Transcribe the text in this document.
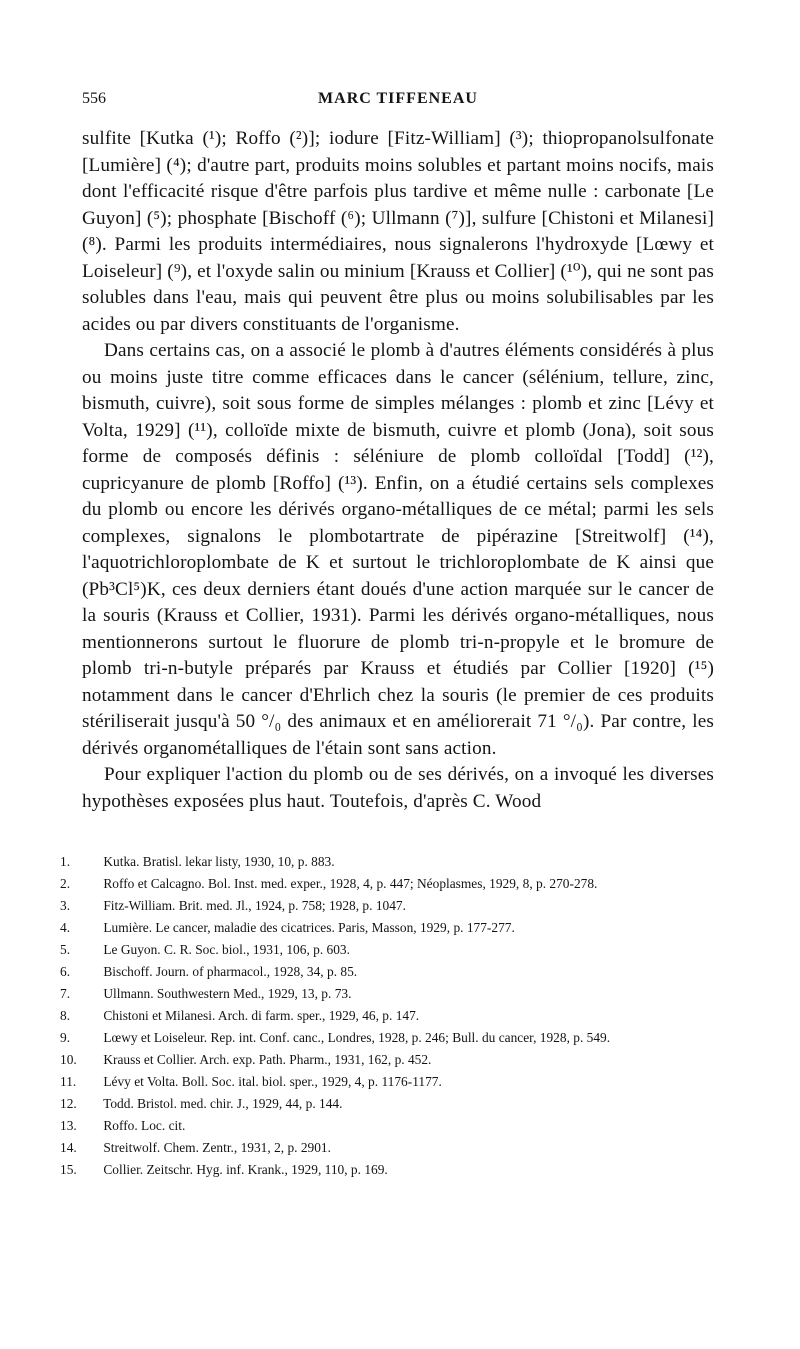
556	MARC TIFFENEAU

sulfite [Kutka (¹); Roffo (²)]; iodure [Fitz-William] (³); thiopropanolsulfonate [Lumière] (⁴); d'autre part, produits moins solubles et partant moins nocifs, mais dont l'efficacité risque d'être parfois plus tardive et même nulle : carbonate [Le Guyon] (⁵); phosphate [Bischoff (⁶); Ullmann (⁷)], sulfure [Chistoni et Milanesi] (⁸). Parmi les produits intermédiaires, nous signalerons l'hydroxyde [Lœwy et Loiseleur] (⁹), et l'oxyde salin ou minium [Krauss et Collier] (¹⁰), qui ne sont pas solubles dans l'eau, mais qui peuvent être plus ou moins solubilisables par les acides ou par divers constituants de l'organisme.

Dans certains cas, on a associé le plomb à d'autres éléments considérés à plus ou moins juste titre comme efficaces dans le cancer (sélénium, tellure, zinc, bismuth, cuivre), soit sous forme de simples mélanges : plomb et zinc [Lévy et Volta, 1929] (¹¹), colloïde mixte de bismuth, cuivre et plomb (Jona), soit sous forme de composés définis : séléniure de plomb colloïdal [Todd] (¹²), cupricyanure de plomb [Roffo] (¹³). Enfin, on a étudié certains sels complexes du plomb ou encore les dérivés organo-métalliques de ce métal; parmi les sels complexes, signalons le plombotartrate de pipérazine [Streitwolf] (¹⁴), l'aquotrichloroplombate de K et surtout le trichloroplombate de K ainsi que (Pb³Cl⁵)K, ces deux derniers étant doués d'une action marquée sur le cancer de la souris (Krauss et Collier, 1931). Parmi les dérivés organo-métalliques, nous mentionnerons surtout le fluorure de plomb tri-n-propyle et le bromure de plomb tri-n-butyle préparés par Krauss et étudiés par Collier [1920] (¹⁵) notamment dans le cancer d'Ehrlich chez la souris (le premier de ces produits stériliserait jusqu'à 50 °/₀ des animaux et en améliorerait 71 °/₀). Par contre, les dérivés organométalliques de l'étain sont sans action.

Pour expliquer l'action du plomb ou de ses dérivés, on a invoqué les diverses hypothèses exposées plus haut. Toutefois, d'après C. Wood

1. Kutka. Bratisl. lekar listy, 1930, 10, p. 883.
2. Roffo et Calcagno. Bol. Inst. med. exper., 1928, 4, p. 447; Néoplasmes, 1929, 8, p. 270-278.
3. Fitz-William. Brit. med. Jl., 1924, p. 758; 1928, p. 1047.
4. Lumière. Le cancer, maladie des cicatrices. Paris, Masson, 1929, p. 177-277.
5. Le Guyon. C. R. Soc. biol., 1931, 106, p. 603.
6. Bischoff. Journ. of pharmacol., 1928, 34, p. 85.
7. Ullmann. Southwestern Med., 1929, 13, p. 73.
8. Chistoni et Milanesi. Arch. di farm. sper., 1929, 46, p. 147.
9. Lœwy et Loiseleur. Rep. int. Conf. canc., Londres, 1928, p. 246; Bull. du cancer, 1928, p. 549.
10. Krauss et Collier. Arch. exp. Path. Pharm., 1931, 162, p. 452.
11. Lévy et Volta. Boll. Soc. ital. biol. sper., 1929, 4, p. 1176-1177.
12. Todd. Bristol. med. chir. J., 1929, 44, p. 144.
13. Roffo. Loc. cit.
14. Streitwolf. Chem. Zentr., 1931, 2, p. 2901.
15. Collier. Zeitschr. Hyg. inf. Krank., 1929, 110, p. 169.
